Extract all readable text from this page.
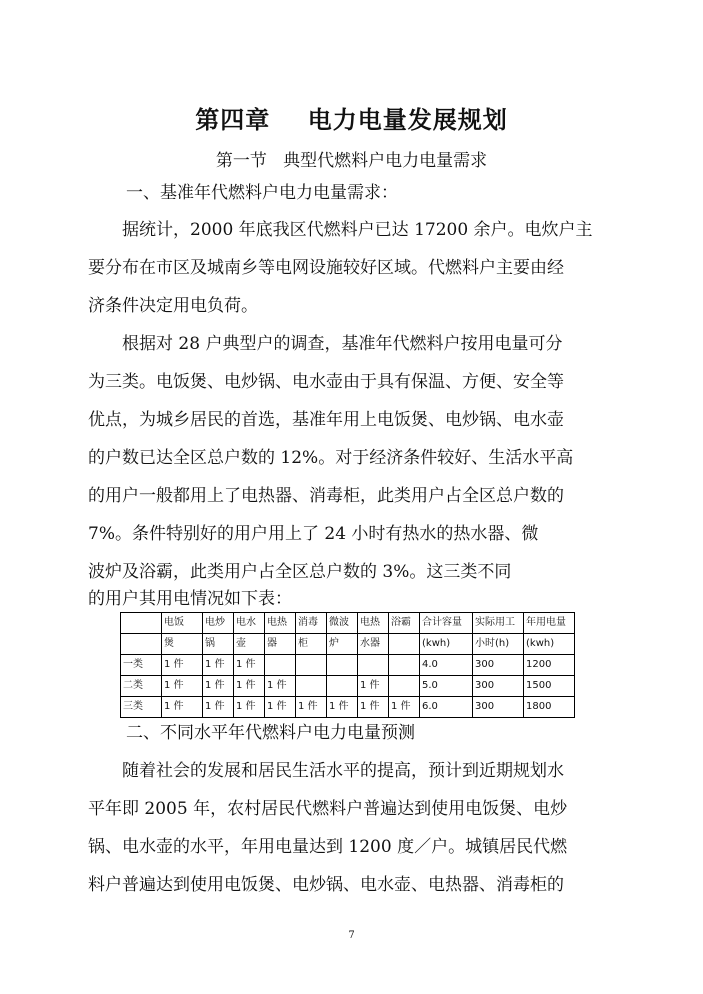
第四章    电力电量发展规划
第一节   典型代燃料户电力电量需求
一、基准年代燃料户电力电量需求：
据统计，2000 年底我区代燃料户已达 17200 余户。电炊户主
要分布在市区及城南乡等电网设施较好区域。代燃料户主要由经
济条件决定用电负荷。
根据对 28 户典型户的调查，基准年代燃料户按用电量可分
为三类。电饭煲、电炒锅、电水壶由于具有保温、方便、安全等
优点，为城乡居民的首选，基准年用上电饭煲、电炒锅、电水壶
的户数已达全区总户数的 12%。对于经济条件较好、生活水平高
的用户一般都用上了电热器、消毒柜，此类用户占全区总户数的
7%。条件特别好的用户用上了 24 小时有热水的热水器、微
波炉及浴霸，此类用户占全区总户数的 3%。这三类不同
的用户其用电情况如下表：
	电饭	电炒	电水	电热	消毒	微波	电热	浴霸	合计容量	实际用工	年用电量
	煲	锅	壶	器	柜	炉	水器		(kwh)	小时(h)	(kwh)
一类	1 件	1 件	1 件						4.0	300	1200
二类	1 件	1 件	1 件	1 件			1 件		5.0	300	1500
三类	1 件	1 件	1 件	1 件	1 件	1 件	1 件	1 件	6.0	300	1800
二、不同水平年代燃料户电力电量预测
随着社会的发展和居民生活水平的提高，预计到近期规划水
平年即 2005 年，农村居民代燃料户普遍达到使用电饭煲、电炒
锅、电水壶的水平，年用电量达到 1200 度／户。城镇居民代燃
料户普遍达到使用电饭煲、电炒锅、电水壶、电热器、消毒柜的
7
